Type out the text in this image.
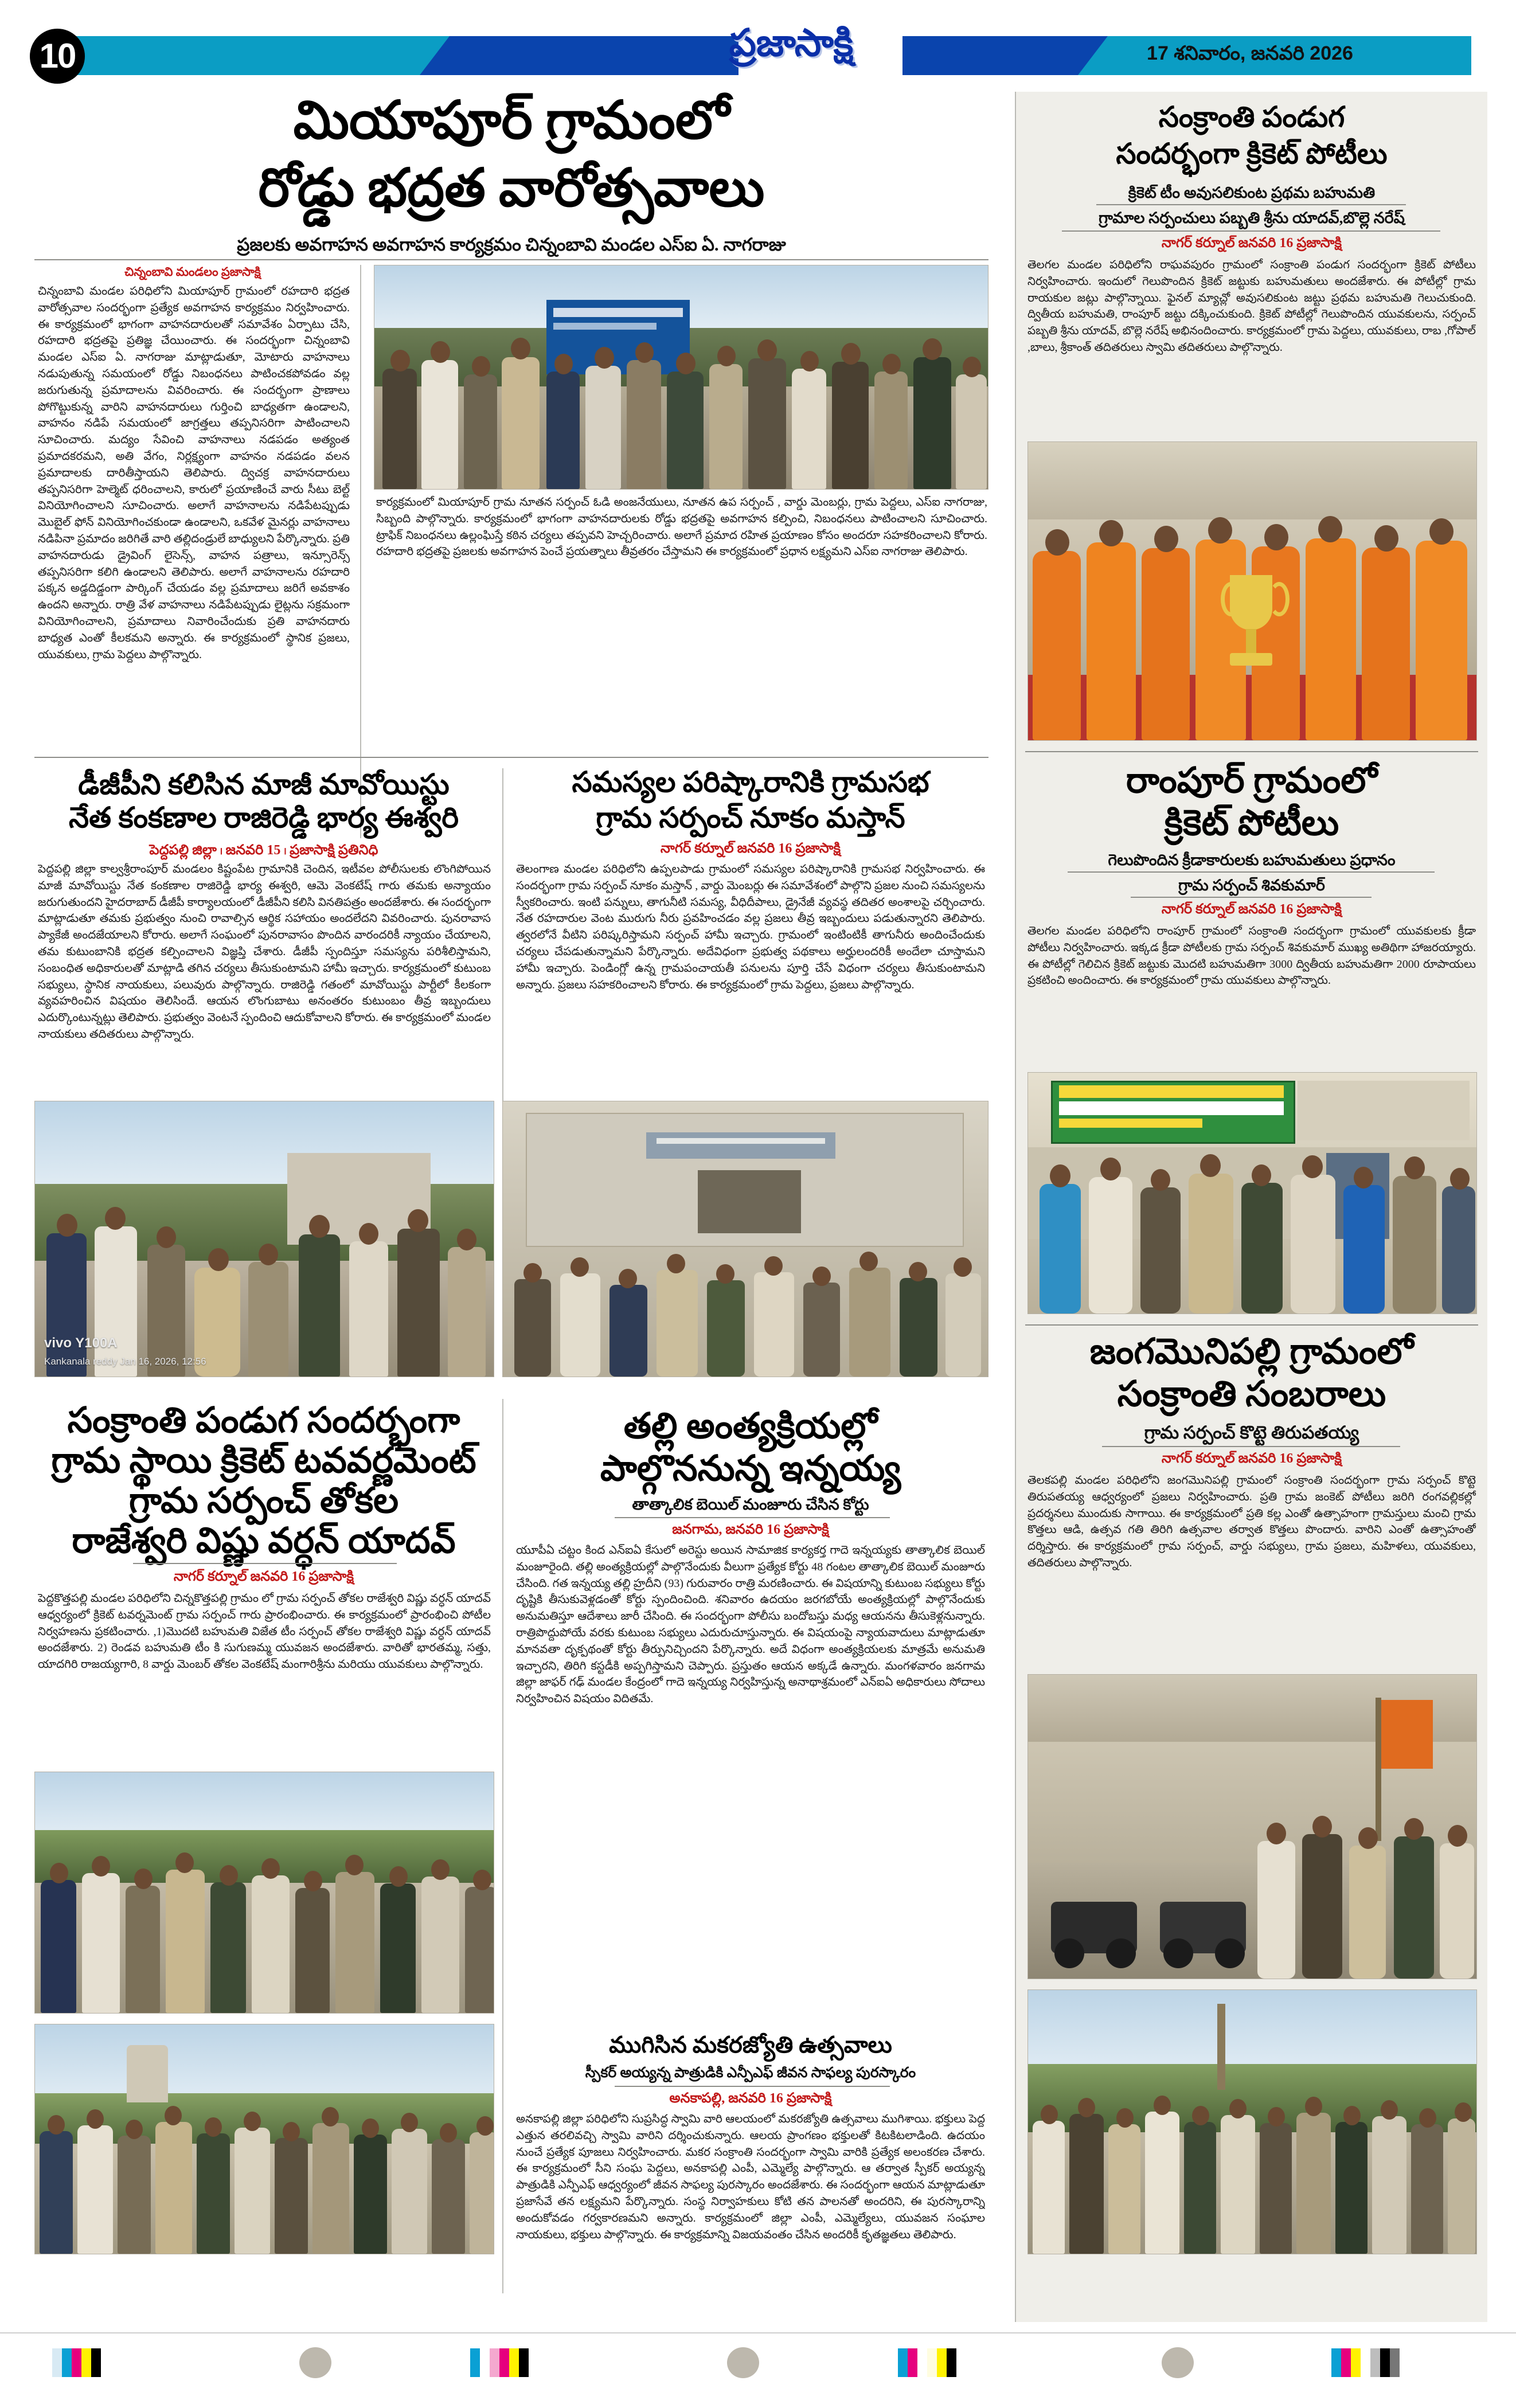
10	ప్రజాసాక్షి	17 శనివారం, జనవరి 2026
మియాపూర్ గ్రామంలో
రోడ్డు భద్రత వారోత్సవాలు
ప్రజలకు అవగాహన అవగాహన కార్యక్రమం చిన్నంబావి మండల ఎస్ఐ ఏ. నాగరాజు
చిన్నంబావి మండలం ప్రజాసాక్షి
చిన్నంబావి మండల పరిధిలోని మియాపూర్ గ్రామంలో రహదారి భద్రత వారోత్సవాల సందర్భంగా ప్రత్యేక అవగాహన కార్యక్రమం నిర్వహించారు. ఈ కార్యక్రమంలో భాగంగా వాహనదారులతో సమావేశం ఏర్పాటు చేసి, రహదారి భద్రతపై ప్రతిజ్ఞ చేయించారు. ఈ సందర్భంగా చిన్నంబావి మండల ఎస్ఐ ఏ. నాగరాజు మాట్లాడుతూ, మోటారు వాహనాలు నడుపుతున్న సమయంలో రోడ్డు నిబంధనలు పాటించకపోవడం వల్ల జరుగుతున్న ప్రమాదాలను వివరించారు. ఈ సందర్భంగా ప్రాణాలు పోగొట్టుకున్న వారిని వాహనదారులు గుర్తించి బాధ్యతగా ఉండాలని, వాహనం నడిపే సమయంలో జాగ్రత్తలు తప్పనిసరిగా పాటించాలని సూచించారు. మద్యం సేవించి వాహనాలు నడపడం అత్యంత ప్రమాదకరమని, అతి వేగం, నిర్లక్ష్యంగా వాహనం నడపడం వలన ప్రమాదాలకు దారితీస్తాయని తెలిపారు. ద్విచక్ర వాహనదారులు తప్పనిసరిగా హెల్మెట్ ధరించాలని, కారులో ప్రయాణించే వారు సీటు బెల్ట్ వినియోగించాలని సూచించారు. అలాగే వాహనాలను నడిపేటప్పుడు మొబైల్ ఫోన్ వినియోగించకుండా ఉండాలని, ఒకవేళ మైనర్లు వాహనాలు నడిపినా ప్రమాదం జరిగితే వారి తల్లిదండ్రులే బాధ్యులని పేర్కొన్నారు. ప్రతి వాహనదారుడు డ్రైవింగ్ లైసెన్స్, వాహన పత్రాలు, ఇన్సూరెన్స్ తప్పనిసరిగా కలిగి ఉండాలని తెలిపారు. అలాగే వాహనాలను రహదారి పక్కన అడ్డదిడ్డంగా పార్కింగ్ చేయడం వల్ల ప్రమాదాలు జరిగే అవకాశం ఉందని అన్నారు. రాత్రి వేళ వాహనాలు నడిపేటప్పుడు లైట్లను సక్రమంగా వినియోగించాలని, ప్రమాదాలు నివారించేందుకు ప్రతి వాహనదారు బాధ్యత ఎంతో కీలకమని అన్నారు. ఈ కార్యక్రమంలో స్థానిక ప్రజలు, యువకులు, గ్రామ పెద్దలు పాల్గొన్నారు.
కార్యక్రమంలో మియాపూర్ గ్రామ నూతన సర్పంచ్ ఓడి అంజనేయులు, నూతన ఉప సర్పంచ్ , వార్డు మెంబర్లు, గ్రామ పెద్దలు, ఎస్ఐ నాగరాజు, సిబ్బంది పాల్గొన్నారు. కార్యక్రమంలో భాగంగా వాహనదారులకు రోడ్డు భద్రతపై అవగాహన కల్పించి, నిబంధనలు పాటించాలని సూచించారు. ట్రాఫిక్ నిబంధనలు ఉల్లంఘిస్తే కఠిన చర్యలు తప్పవని హెచ్చరించారు. అలాగే ప్రమాద రహిత ప్రయాణం కోసం అందరూ సహకరించాలని కోరారు. రహదారి భద్రతపై ప్రజలకు అవగాహన పెంచే ప్రయత్నాలు తీవ్రతరం చేస్తామని ఈ కార్యక్రమంలో ప్రధాన లక్ష్యమని ఎస్ఐ నాగరాజు తెలిపారు.
డీజీపీని కలిసిన మాజీ మావోయిస్టు
నేత కంకణాల రాజిరెడ్డి భార్య ఈశ్వరి
పెద్దపల్లి జిల్లా ၊ జనవరి 15 ၊ ప్రజాసాక్షి ప్రతినిధి
పెద్దపల్లి జిల్లా కాల్వశ్రీరాంపూర్ మండలం కిష్టంపేట గ్రామానికి చెందిన, ఇటీవల పోలీసులకు లొంగిపోయిన మాజీ మావోయిస్టు నేత కంకణాల రాజిరెడ్డి భార్య ఈశ్వరి, ఆమె వెంకటేష్ గారు తమకు అన్యాయం జరుగుతుందని హైదరాబాద్ డీజీపీ కార్యాలయంలో డీజీపీని కలిసి వినతిపత్రం అందజేశారు. ఈ సందర్భంగా మాట్లాడుతూ తమకు ప్రభుత్వం నుంచి రావాల్సిన ఆర్థిక సహాయం అందలేదని వివరించారు. పునరావాస ప్యాకేజీ అందజేయాలని కోరారు. అలాగే సంఘంలో పునరావాసం పొందిన వారందరికీ న్యాయం చేయాలని, తమ కుటుంబానికి భద్రత కల్పించాలని విజ్ఞప్తి చేశారు. డీజీపీ స్పందిస్తూ సమస్యను పరిశీలిస్తామని, సంబంధిత అధికారులతో మాట్లాడి తగిన చర్యలు తీసుకుంటామని హామీ ఇచ్చారు. కార్యక్రమంలో కుటుంబ సభ్యులు, స్థానిక నాయకులు, పలువురు పాల్గొన్నారు. రాజిరెడ్డి గతంలో మావోయిస్టు పార్టీలో కీలకంగా వ్యవహరించిన విషయం తెలిసిందే. ఆయన లొంగుబాటు అనంతరం కుటుంబం తీవ్ర ఇబ్బందులు ఎదుర్కొంటున్నట్లు తెలిపారు. ప్రభుత్వం వెంటనే స్పందించి ఆదుకోవాలని కోరారు. ఈ కార్యక్రమంలో మండల నాయకులు తదితరులు పాల్గొన్నారు.
సమస్యల పరిష్కారానికి గ్రామసభ
గ్రామ సర్పంచ్ నూకం మస్తాన్
నాగర్ కర్నూల్ జనవరి 16 ప్రజాసాక్షి
తెలంగాణ మండల పరిధిలోని ఉప్పలపాడు గ్రామంలో సమస్యల పరిష్కారానికి గ్రామసభ నిర్వహించారు. ఈ సందర్భంగా గ్రామ సర్పంచ్ నూకం మస్తాన్ , వార్డు మెంబర్లు ఈ సమావేశంలో పాల్గొని ప్రజల నుంచి సమస్యలను స్వీకరించారు. ఇంటి పన్నులు, తాగునీటి సమస్య, వీధిదీపాలు, డ్రైనేజీ వ్యవస్థ తదితర అంశాలపై చర్చించారు. నేత రహదారుల వెంట మురుగు నీరు ప్రవహించడం వల్ల ప్రజలు తీవ్ర ఇబ్బందులు పడుతున్నారని తెలిపారు. త్వరలోనే వీటిని పరిష్కరిస్తామని సర్పంచ్ హామీ ఇచ్చారు. గ్రామంలో ఇంటింటికీ తాగునీరు అందించేందుకు చర్యలు చేపడుతున్నామని పేర్కొన్నారు. అదేవిధంగా ప్రభుత్వ పథకాలు అర్హులందరికీ అందేలా చూస్తామని హామీ ఇచ్చారు. పెండింగ్లో ఉన్న గ్రామపంచాయతీ పనులను పూర్తి చేసే విధంగా చర్యలు తీసుకుంటామని అన్నారు. ప్రజలు సహకరించాలని కోరారు. ఈ కార్యక్రమంలో గ్రామ పెద్దలు, ప్రజలు పాల్గొన్నారు.
vivo Y100A
Kankanala reddy Jan 16, 2026, 12:56
సంక్రాంతి పండుగ సందర్భంగా
గ్రామ స్థాయి క్రికెట్ టవవర్ణమెంట్
గ్రామ సర్పంచ్ తోకల
రాజేశ్వరి విష్ణు వర్ధన్ యాదవ్
నాగర్ కర్నూల్ జనవరి 16 ప్రజాసాక్షి
పెద్దకొత్తపల్లి మండల పరిధిలోని చిన్నకొత్తపల్లి గ్రామం లో గ్రామ సర్పంచ్ తోకల రాజేశ్వరి విష్ణు వర్ధన్ యాదవ్ ఆధ్వర్యంలో క్రికెట్ టవర్నమెంట్ గ్రామ సర్పంచ్ గారు ప్రారంభించారు. ఈ కార్యక్రమంలో ప్రారంభించి పోటీల నిర్వహణను ప్రకటించారు. ,1)మొదటి బహుమతి విజేత టీం సర్పంచ్ తోకల రాజేశ్వరి విష్ణు వర్ధన్ యాదవ్ అందజేశారు. 2) రెండవ బహుమతి టీం కి సుగుణమ్మ యువజన అందజేశారు. వారితో భారతమ్మ, సత్తు, యాదగిరి రాజయ్యగారి, 8 వార్డు మెంబర్ తోకల వెంకటేష్ మంగారిశ్రీను మరియు యువకులు పాల్గొన్నారు.
తల్లి అంత్యక్రియల్లో
పాల్గొననున్న ఇన్నయ్య
తాత్కాలిక బెయిల్ మంజూరు చేసిన కోర్టు
జనగామ, జనవరి 16 ప్రజాసాక్షి
యూపీఏ చట్టం కింద ఎన్ఐఏ కేసులో అరెస్టు అయిన సామాజిక కార్యకర్త గాదె ఇన్నయ్యకు తాత్కాలిక బెయిల్ మంజూరైంది. తల్లి అంత్యక్రియల్లో పాల్గొనేందుకు వీలుగా ప్రత్యేక కోర్టు 48 గంటల తాత్కాలిక బెయిల్ మంజూరు చేసింది. గత ఇన్నయ్య తల్లి హ్రదీని (93) గురువారం రాత్రి మరణించారు. ఈ విషయాన్ని కుటుంబ సభ్యులు కోర్టు దృష్టికి తీసుకువెళ్లడంతో కోర్టు స్పందించింది. శనివారం ఉదయం జరగబోయే అంత్యక్రియల్లో పాల్గొనేందుకు అనుమతిస్తూ ఆదేశాలు జారీ చేసింది. ఈ సందర్భంగా పోలీసు బందోబస్తు మధ్య ఆయనను తీసుకెళ్లనున్నారు. రాత్రిపొద్దుపోయే వరకు కుటుంబ సభ్యులు ఎదురుచూస్తున్నారు. ఈ విషయంపై న్యాయవాదులు మాట్లాడుతూ మానవతా దృక్పథంతో కోర్టు తీర్పునిచ్చిందని పేర్కొన్నారు. అదే విధంగా అంత్యక్రియలకు మాత్రమే అనుమతి ఇచ్చారని, తిరిగి కస్టడీకి అప్పగిస్తామని చెప్పారు. ప్రస్తుతం ఆయన అక్కడే ఉన్నారు. మంగళవారం జనగామ జిల్లా జాఫర్ గఢ్ మండల కేంద్రంలో గాదె ఇన్నయ్య నిర్వహిస్తున్న అనాథాశ్రమంలో ఎన్ఐఏ అధికారులు సోదాలు నిర్వహించిన విషయం విదితమే.
ముగిసిన మకరజ్యోతి ఉత్సవాలు
స్పీకర్ అయ్యన్న పాత్రుడికి ఎన్పీఎఫ్ జీవన సాఫల్య పురస్కారం
అనకాపల్లి, జనవరి 16 ప్రజాసాక్షి
అనకాపల్లి జిల్లా పరిధిలోని సుప్రసిద్ధ స్వామి వారి ఆలయంలో మకరజ్యోతి ఉత్సవాలు ముగిశాయి. భక్తులు పెద్ద ఎత్తున తరలివచ్చి స్వామి వారిని దర్శించుకున్నారు. ఆలయ ప్రాంగణం భక్తులతో కిటకిటలాడింది. ఉదయం నుంచే ప్రత్యేక పూజలు నిర్వహించారు. మకర సంక్రాంతి సందర్భంగా స్వామి వారికి ప్రత్యేక అలంకరణ చేశారు. ఈ కార్యక్రమంలో సీని సంఘ పెద్దలు, అనకాపల్లి ఎంపీ, ఎమ్మెల్యే పాల్గొన్నారు. ఆ తర్వాత స్పీకర్ అయ్యన్న పాత్రుడికి ఎన్పీఎఫ్ ఆధ్వర్యంలో జీవన సాఫల్య పురస్కారం అందజేశారు. ఈ సందర్భంగా ఆయన మాట్లాడుతూ ప్రజాసేవే తన లక్ష్యమని పేర్కొన్నారు. సంస్థ నిర్వాహకులు కోటి తన పాలనతో అందరిని, ఈ పురస్కారాన్ని అందుకోవడం గర్వకారణమని అన్నారు. కార్యక్రమంలో జిల్లా ఎంపీ, ఎమ్మెల్యేలు, యువజన సంఘాల నాయకులు, భక్తులు పాల్గొన్నారు. ఈ కార్యక్రమాన్ని విజయవంతం చేసిన అందరికీ కృతజ్ఞతలు తెలిపారు.
సంక్రాంతి పండుగ
సందర్భంగా క్రికెట్ పోటీలు
క్రికెట్ టీం అవుసలికుంట ప్రథమ బహుమతి
గ్రామాల సర్పంచులు పబ్బతి శ్రీను యాదవ్,బొల్లె నరేష్
నాగర్ కర్నూల్ జనవరి 16 ప్రజాసాక్షి
తెలగల మండల పరిధిలోని రాఘవపురం గ్రామంలో సంక్రాంతి పండుగ సందర్భంగా క్రికెట్ పోటీలు నిర్వహించారు. ఇందులో గెలుపొందిన క్రికెట్ జట్టుకు బహుమతులు అందజేశారు. ఈ పోటీల్లో గ్రామ రాయకుల జట్లు పాల్గొన్నాయి. ఫైనల్ మ్యాచ్లో అవుసలికుంట జట్టు ప్రథమ బహుమతి గెలుచుకుంది. ద్వితీయ బహుమతి, రాంపూర్ జట్టు దక్కించుకుంది. క్రికెట్ పోటీల్లో గెలుపొందిన యువకులను, సర్పంచ్ పబ్బతి శ్రీను యాదవ్, బొల్లె నరేష్ అభినందించారు. కార్యక్రమంలో గ్రామ పెద్దలు, యువకులు, రాబ ,గోపాల్ ,బాలు, శ్రీకాంత్ తదితరులు స్వామి తదితరులు పాల్గొన్నారు.
రాంపూర్ గ్రామంలో
క్రికెట్ పోటీలు
గెలుపొందిన క్రీడాకారులకు బహుమతులు ప్రధానం
గ్రామ సర్పంచ్ శివకుమార్
నాగర్ కర్నూల్ జనవరి 16 ప్రజాసాక్షి
తెలగల మండల పరిధిలోని రాంపూర్ గ్రామంలో సంక్రాంతి సందర్భంగా గ్రామంలో యువకులకు క్రీడా పోటీలు నిర్వహించారు. ఇక్కడ క్రీడా పోటీలకు గ్రామ సర్పంచ్ శివకుమార్ ముఖ్య అతిథిగా హాజరయ్యారు. ఈ పోటీల్లో గెలిచిన క్రికెట్ జట్టుకు మొదటి బహుమతిగా 3000 ద్వితీయ బహుమతిగా 2000 రూపాయలు ప్రకటించి అందించారు. ఈ కార్యక్రమంలో గ్రామ యువకులు పాల్గొన్నారు.
జంగమొనిపల్లి గ్రామంలో
సంక్రాంతి సంబరాలు
గ్రామ సర్పంచ్ కొట్టె తిరుపతయ్య
నాగర్ కర్నూల్ జనవరి 16 ప్రజాసాక్షి
తెలకపల్లి మండల పరిధిలోని జంగమొనిపల్లి గ్రామంలో సంక్రాంతి సందర్భంగా గ్రామ సర్పంచ్ కొట్టె తిరుపతయ్య ఆధ్వర్యంలో ప్రజలు నిర్వహించారు. ప్రతి గ్రామ జంకెట్ పోటీలు జరిగి రంగవల్లికల్లో ప్రదర్శనలు ముందుకు సాగాయి. ఈ కార్యక్రమంలో ప్రతి కల్ల ఎంతో ఉత్సాహంగా గ్రామస్తులు మంచి గ్రామ కొత్తలు ఆడి, ఉత్సవ గతి తిరిగి ఉత్సవాల తర్వాత కొత్తలు పొందారు. వారిని ఎంతో ఉత్సాహంతో దర్శిస్తారు. ఈ కార్యక్రమంలో గ్రామ సర్పంచ్, వార్డు సభ్యులు, గ్రామ ప్రజలు, మహిళలు, యువకులు, తదితరులు పాల్గొన్నారు.
